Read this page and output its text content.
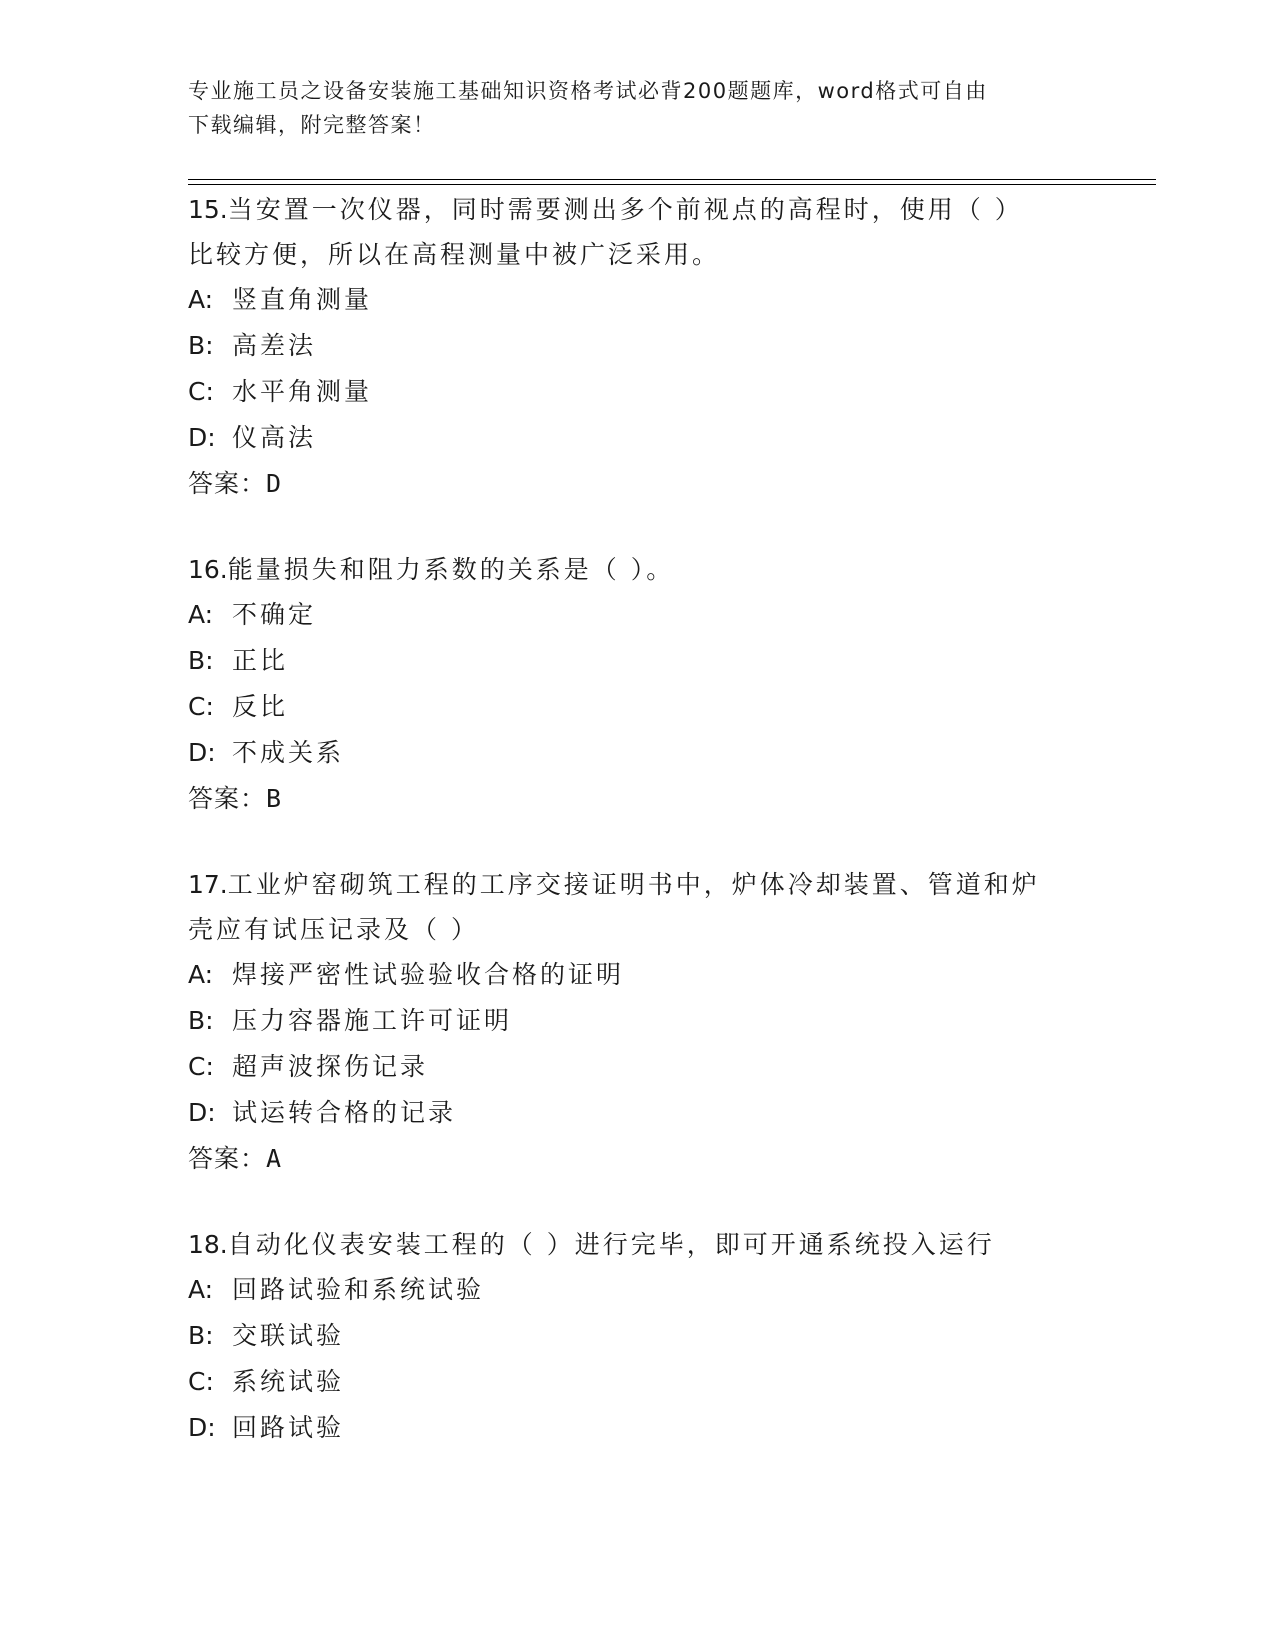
专业施工员之设备安装施工基础知识资格考试必背200题题库，word格式可自由
下载编辑，附完整答案！
15.当安置一次仪器，同时需要测出多个前视点的高程时，使用（ ）
比较方便，所以在高程测量中被广泛采用。
A: 竖直角测量
B: 高差法
C: 水平角测量
D: 仪高法
答案：D
16.能量损失和阻力系数的关系是（ ）。
A: 不确定
B: 正比
C: 反比
D: 不成关系
答案：B
17.工业炉窑砌筑工程的工序交接证明书中，炉体冷却装置、管道和炉
壳应有试压记录及（ ）
A: 焊接严密性试验验收合格的证明
B: 压力容器施工许可证明
C: 超声波探伤记录
D: 试运转合格的记录
答案：A
18.自动化仪表安装工程的（ ）进行完毕，即可开通系统投入运行
A: 回路试验和系统试验
B: 交联试验
C: 系统试验
D: 回路试验
